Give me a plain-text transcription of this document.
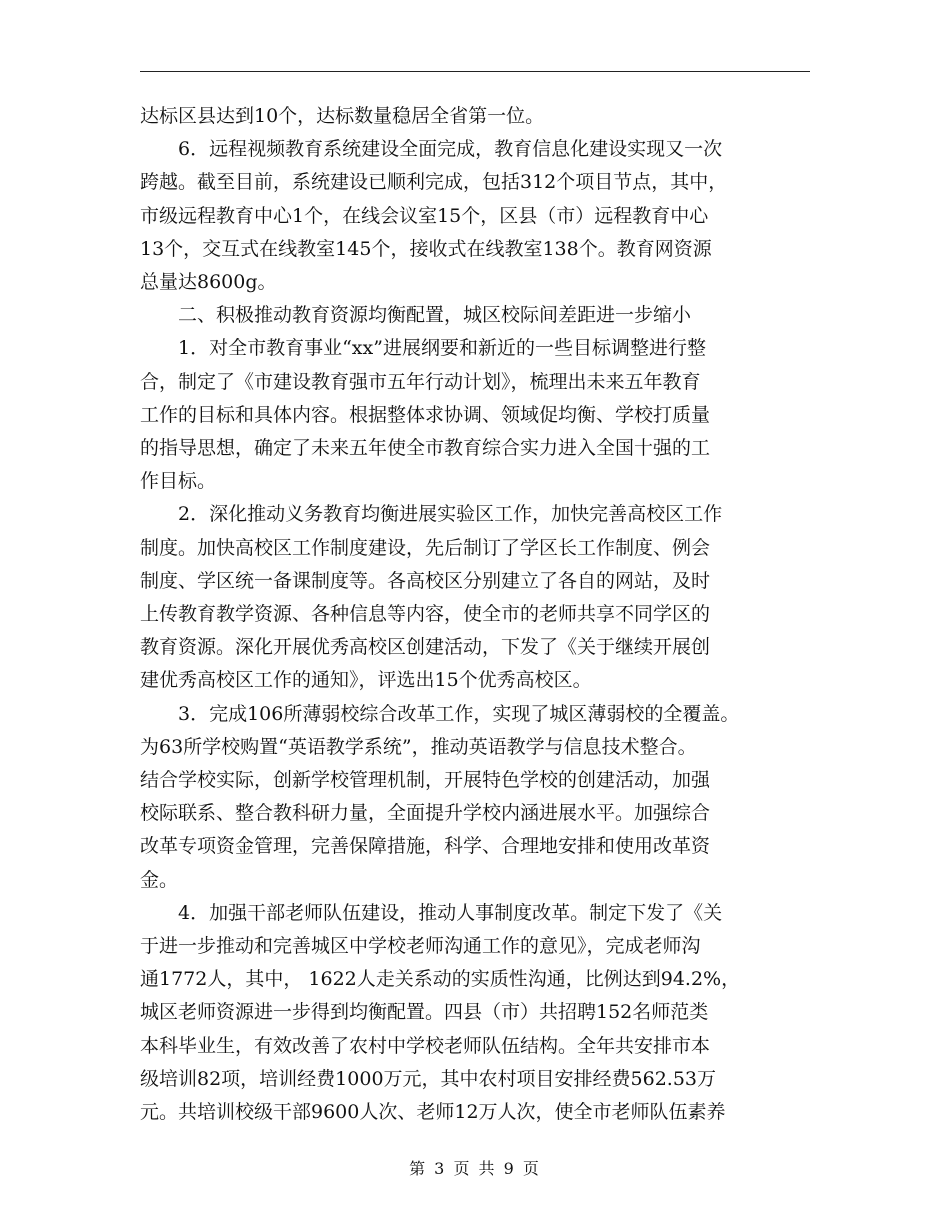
达标区县达到10个，达标数量稳居全省第一位。
　　6．远程视频教育系统建设全面完成，教育信息化建设实现又一次
跨越。截至目前，系统建设已顺利完成，包括312个项目节点，其中，
市级远程教育中心1个，在线会议室15个，区县（市）远程教育中心
13个，交互式在线教室145个，接收式在线教室138个。教育网资源
总量达8600g。
　　二、积极推动教育资源均衡配置，城区校际间差距进一步缩小
　　1．对全市教育事业“xx”进展纲要和新近的一些目标调整进行整
合，制定了《市建设教育强市五年行动计划》，梳理出未来五年教育
工作的目标和具体内容。根据整体求协调、领域促均衡、学校打质量
的指导思想，确定了未来五年使全市教育综合实力进入全国十强的工
作目标。
　　2．深化推动义务教育均衡进展实验区工作，加快完善高校区工作
制度。加快高校区工作制度建设，先后制订了学区长工作制度、例会
制度、学区统一备课制度等。各高校区分别建立了各自的网站，及时
上传教育教学资源、各种信息等内容，使全市的老师共享不同学区的
教育资源。深化开展优秀高校区创建活动，下发了《关于继续开展创
建优秀高校区工作的通知》，评选出15个优秀高校区。
　　3．完成106所薄弱校综合改革工作，实现了城区薄弱校的全覆盖。
为63所学校购置“英语教学系统”，推动英语教学与信息技术整合。
结合学校实际，创新学校管理机制，开展特色学校的创建活动，加强
校际联系、整合教科研力量，全面提升学校内涵进展水平。加强综合
改革专项资金管理，完善保障措施，科学、合理地安排和使用改革资
金。
　　4．加强干部老师队伍建设，推动人事制度改革。制定下发了《关
于进一步推动和完善城区中学校老师沟通工作的意见》，完成老师沟
通1772人，其中， 1622人走关系动的实质性沟通，比例达到94.2%，
城区老师资源进一步得到均衡配置。四县（市）共招聘152名师范类
本科毕业生，有效改善了农村中学校老师队伍结构。全年共安排市本
级培训82项，培训经费1000万元，其中农村项目安排经费562.53万
元。共培训校级干部9600人次、老师12万人次，使全市老师队伍素养
第 3 页 共 9 页
